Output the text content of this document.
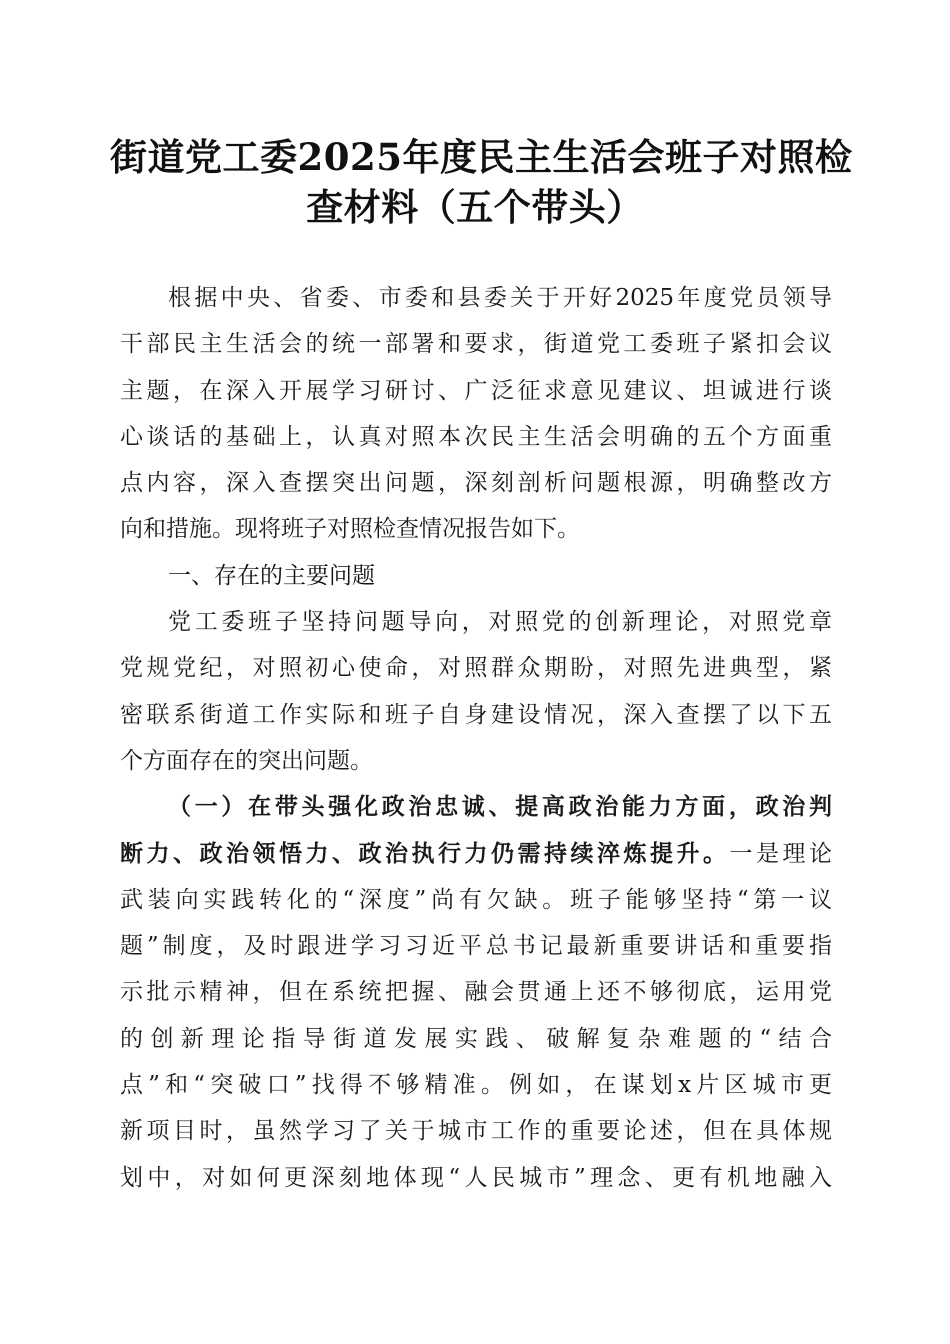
街道党工委2025年度民主生活会班子对照检
查材料（五个带头）
根据中央、省委、市委和县委关于开好2025年度党员领导
干部民主生活会的统一部署和要求，街道党工委班子紧扣会议
主题，在深入开展学习研讨、广泛征求意见建议、坦诚进行谈
心谈话的基础上，认真对照本次民主生活会明确的五个方面重
点内容，深入查摆突出问题，深刻剖析问题根源，明确整改方
向和措施。现将班子对照检查情况报告如下。
一、存在的主要问题
党工委班子坚持问题导向，对照党的创新理论，对照党章
党规党纪，对照初心使命，对照群众期盼，对照先进典型，紧
密联系街道工作实际和班子自身建设情况，深入查摆了以下五
个方面存在的突出问题。
（一）在带头强化政治忠诚、提高政治能力方面，政治判
断力、政治领悟力、政治执行力仍需持续淬炼提升。一是理论
武装向实践转化的“深度”尚有欠缺。班子能够坚持“第一议
题”制度，及时跟进学习习近平总书记最新重要讲话和重要指
示批示精神，但在系统把握、融会贯通上还不够彻底，运用党
的创新理论指导街道发展实践、破解复杂难题的“结合
点”和“突破口”找得不够精准。例如，在谋划x片区城市更
新项目时，虽然学习了关于城市工作的重要论述，但在具体规
划中，对如何更深刻地体现“人民城市”理念、更有机地融入
